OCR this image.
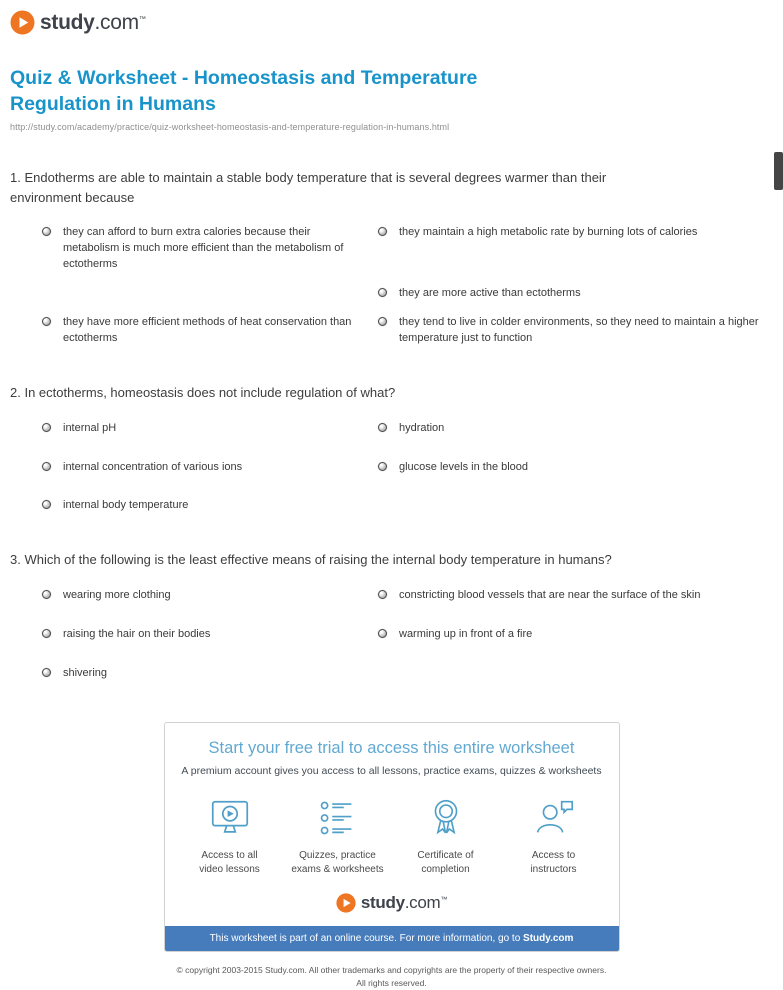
study.com™
Quiz & Worksheet - Homeostasis and Temperature Regulation in Humans
http://study.com/academy/practice/quiz-worksheet-homeostasis-and-temperature-regulation-in-humans.html

1. Endotherms are able to maintain a stable body temperature that is several degrees warmer than their environment because

they can afford to burn extra calories because their metabolism is much more efficient than the metabolism of ectotherms
they maintain a high metabolic rate by burning lots of calories
they are more active than ectotherms
they have more efficient methods of heat conservation than ectotherms
they tend to live in colder environments, so they need to maintain a higher temperature just to function

2. In ectotherms, homeostasis does not include regulation of what?

internal pH	hydration
internal concentration of various ions	glucose levels in the blood
internal body temperature

3. Which of the following is the least effective means of raising the internal body temperature in humans?

wearing more clothing	constricting blood vessels that are near the surface of the skin
raising the hair on their bodies	warming up in front of a fire
shivering
Start your free trial to access this entire worksheet
A premium account gives you access to all lessons, practice exams, quizzes & worksheets
Access to all
video lessons
Quizzes, practice
exams & worksheets
Certificate of
completion
Access to
instructors
study.com™
This worksheet is part of an online course. For more information, go to Study.com
© copyright 2003-2015 Study.com. All other trademarks and copyrights are the property of their respective owners.
All rights reserved.
